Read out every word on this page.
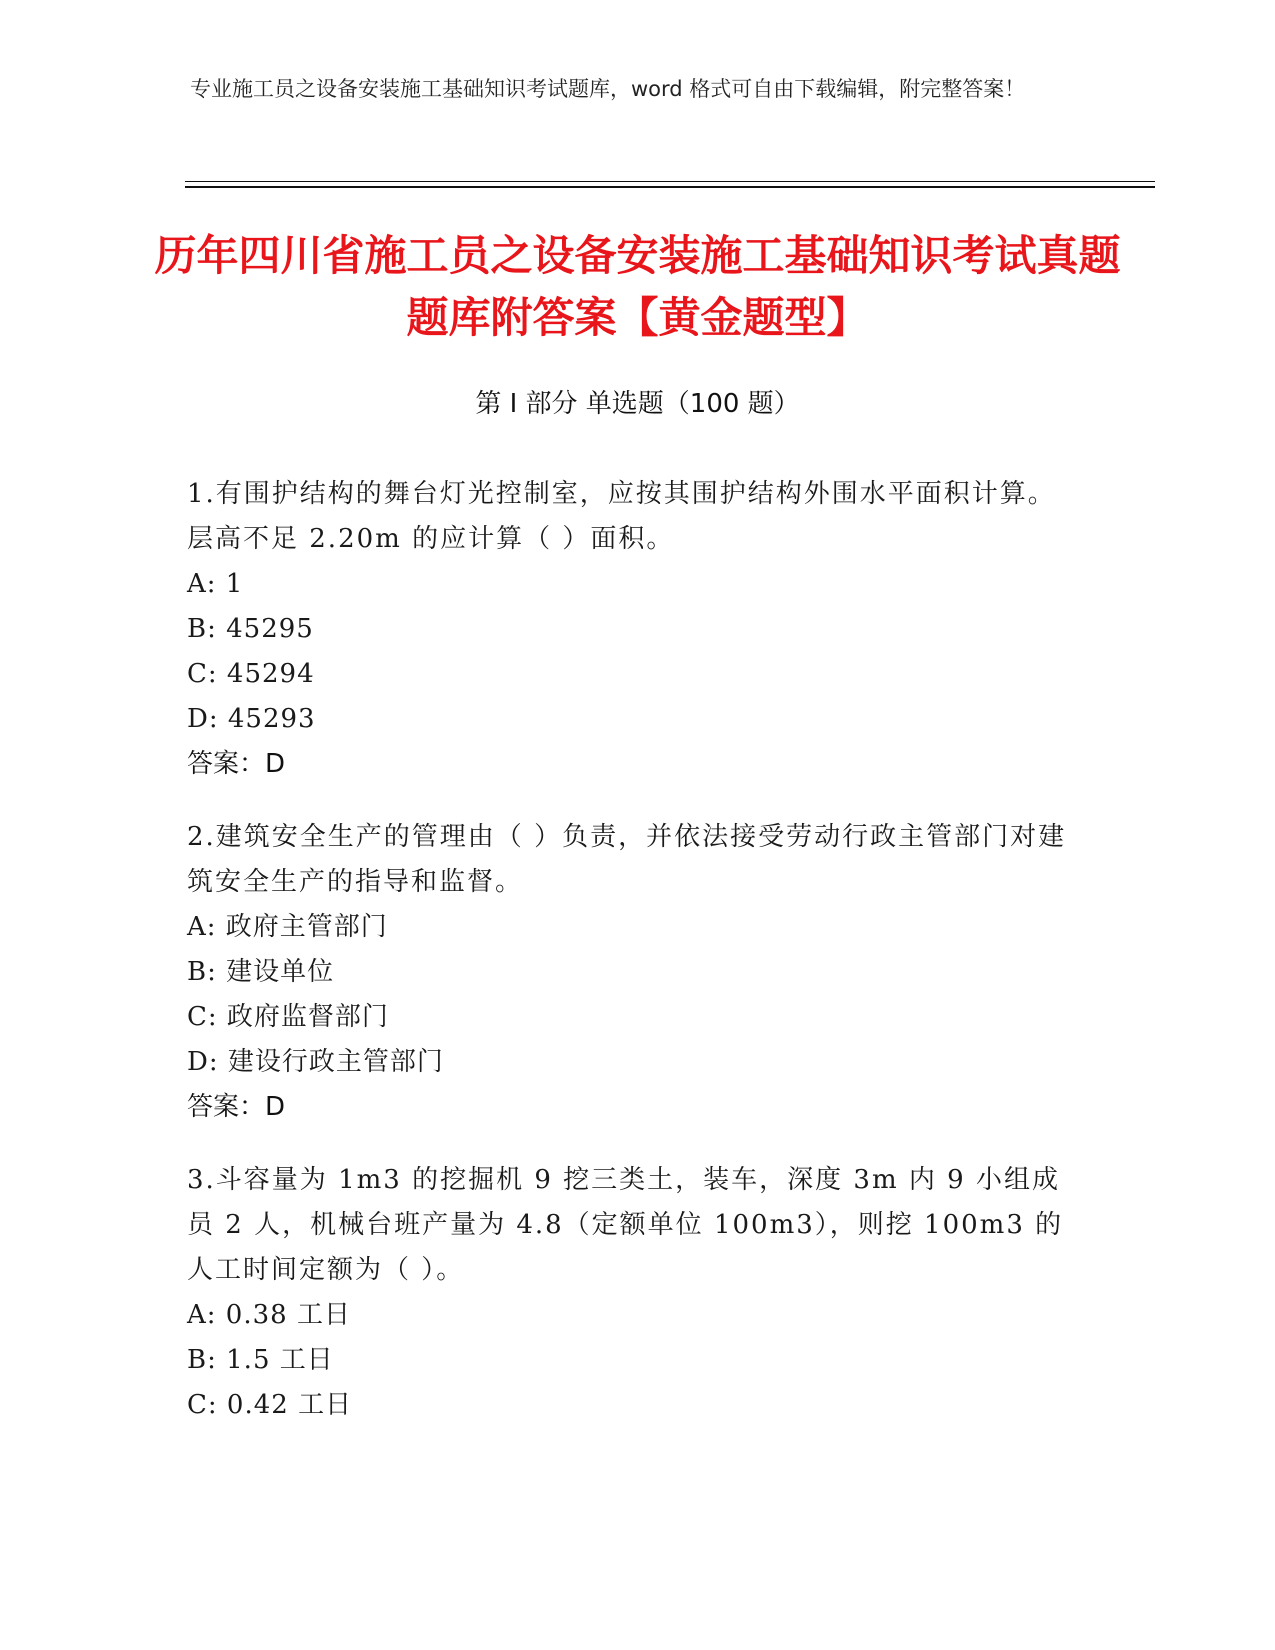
专业施工员之设备安装施工基础知识考试题库，word 格式可自由下载编辑，附完整答案！
历年四川省施工员之设备安装施工基础知识考试真题题库附答案【黄金题型】
第 I 部分 单选题（100 题）

1.有围护结构的舞台灯光控制室，应按其围护结构外围水平面积计算。层高不足 2.20m 的应计算（ ）面积。

A: 1

B: 45295

C: 45294

D: 45293

答案：D

2.建筑安全生产的管理由（ ）负责，并依法接受劳动行政主管部门对建筑安全生产的指导和监督。

A: 政府主管部门

B: 建设单位

C: 政府监督部门

D: 建设行政主管部门

答案：D

3.斗容量为 1m3 的挖掘机 9 挖三类土，装车，深度 3m 内 9 小组成员 2 人，机械台班产量为 4.8（定额单位 100m3），则挖 100m3 的人工时间定额为（ ）。

A: 0.38 工日

B: 1.5 工日

C: 0.42 工日
